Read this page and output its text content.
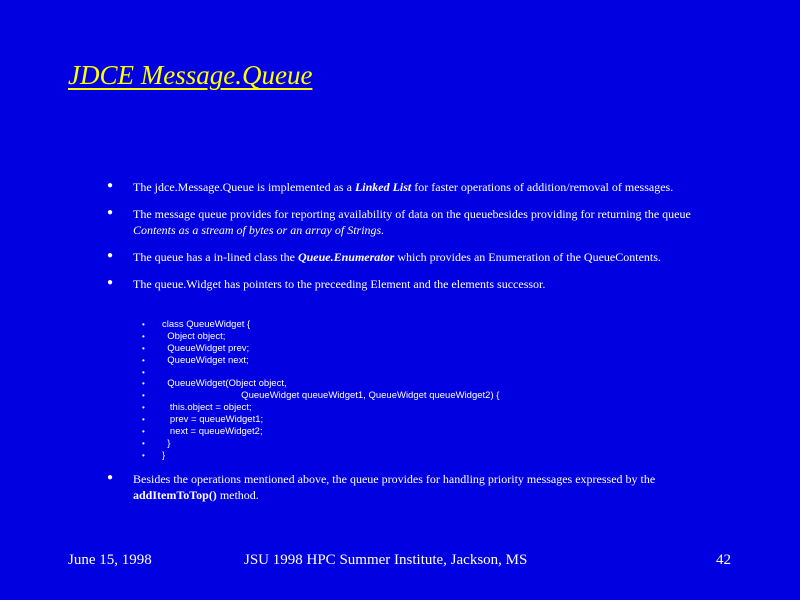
JDCE Message.Queue
● The jdce.Message.Queue is implemented as a Linked List for faster operations of addition/removal of messages.
● The message queue provides for reporting availability of data on the queuebesides providing for returning the queue Contents as a stream of bytes or an array of Strings.
● The queue has a in-lined class the Queue.Enumerator which provides an Enumeration of the QueueContents.
● The queue.Widget has pointers to the preceeding Element and the elements successor.
• class QueueWidget {
• Object object;
• QueueWidget prev;
• QueueWidget next;
•
• QueueWidget(Object object,
• QueueWidget queueWidget1, QueueWidget queueWidget2) {
• this.object = object;
• prev = queueWidget1;
• next = queueWidget2;
• }
• }
● Besides the operations mentioned above, the queue provides for handling priority messages expressed by the addItemToTop() method.
June 15, 1998	JSU 1998 HPC Summer Institute, Jackson, MS	42
